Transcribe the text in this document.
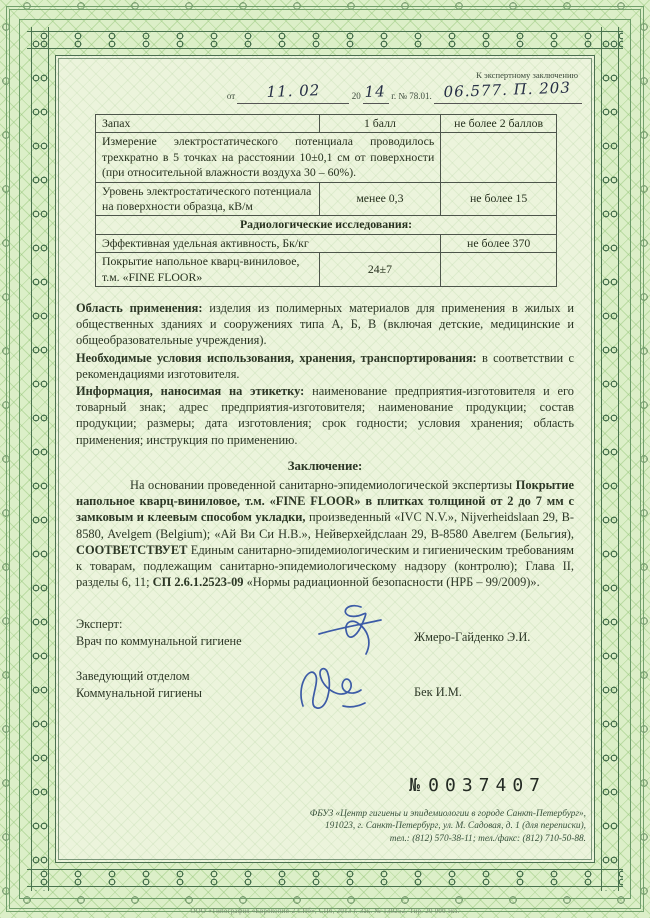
К экспертному заключению
от 11. 02	20 14 г. № 78.01. 06.577. П. 203
Запах	1 балл	не более 2 баллов
Измерение электростатического потенциала проводилось трехкратно в 5 точках на расстоянии 10±0,1 см от поверхности (при относительной влажности воздуха 30 – 60%).		
Уровень электростатического потенциала на поверхности образца, кВ/м	менее 0,3	не более 15
Радиологические исследования:		
Эффективная удельная активность, Бк/кг		не более 370
Покрытие напольное кварц-виниловое, т.м. «FINE FLOOR»	24±7	

Область применения: изделия из полимерных материалов для применения в жилых и общественных зданиях и сооружениях типа А, Б, В (включая детские, медицинские и общеобразовательные учреждения).

Необходимые условия использования, хранения, транспортирования: в соответствии с рекомендациями изготовителя.

Информация, наносимая на этикетку: наименование предприятия-изготовителя и его товарный знак; адрес предприятия-изготовителя; наименование продукции; состав продукции; размеры; дата изготовления; срок годности; условия хранения; область применения; инструкция по применению.

Заключение:

На основании проведенной санитарно-эпидемиологической экспертизы Покрытие напольное кварц-виниловое, т.м. «FINE FLOOR» в плитках толщиной от 2 до 7 мм с замковым и клеевым способом укладки, произведенный «IVC N.V.», Nijverheidslaan 29, B-8580, Avelgem (Belgium); «Ай Ви Си Н.В.», Нейверхейдслаан 29, В-8580 Авелгем (Бельгия), СООТВЕТСТВУЕТ Единым санитарно-эпидемиологическим и гигиеническим требованиям к товарам, подлежащим санитарно-эпидемиологическому надзору (контролю); Глава II, разделы 6, 11; СП 2.6.1.2523-09 «Нормы радиационной безопасности (НРБ – 99/2009)».

Эксперт:
Врач по коммунальной гигиене	Жмеро-Гайденко Э.И.
Заведующий отделом
Коммунальной гигиены	Бек И.М.
№ 0037407
ФБУЗ «Центр гигиены и эпидемиологии в городе Санкт-Петербург»,
191023, г. Санкт-Петербург, ул. М. Садовая, д. 1 (для переписки),
тел.: (812) 570-38-11; тел./факс: (812) 710-50-88.
ООО «Типография «Еврокопия-2 СПб», СПб, 2013 г. Зак. № 130252. Тир. 20 000 экз.
